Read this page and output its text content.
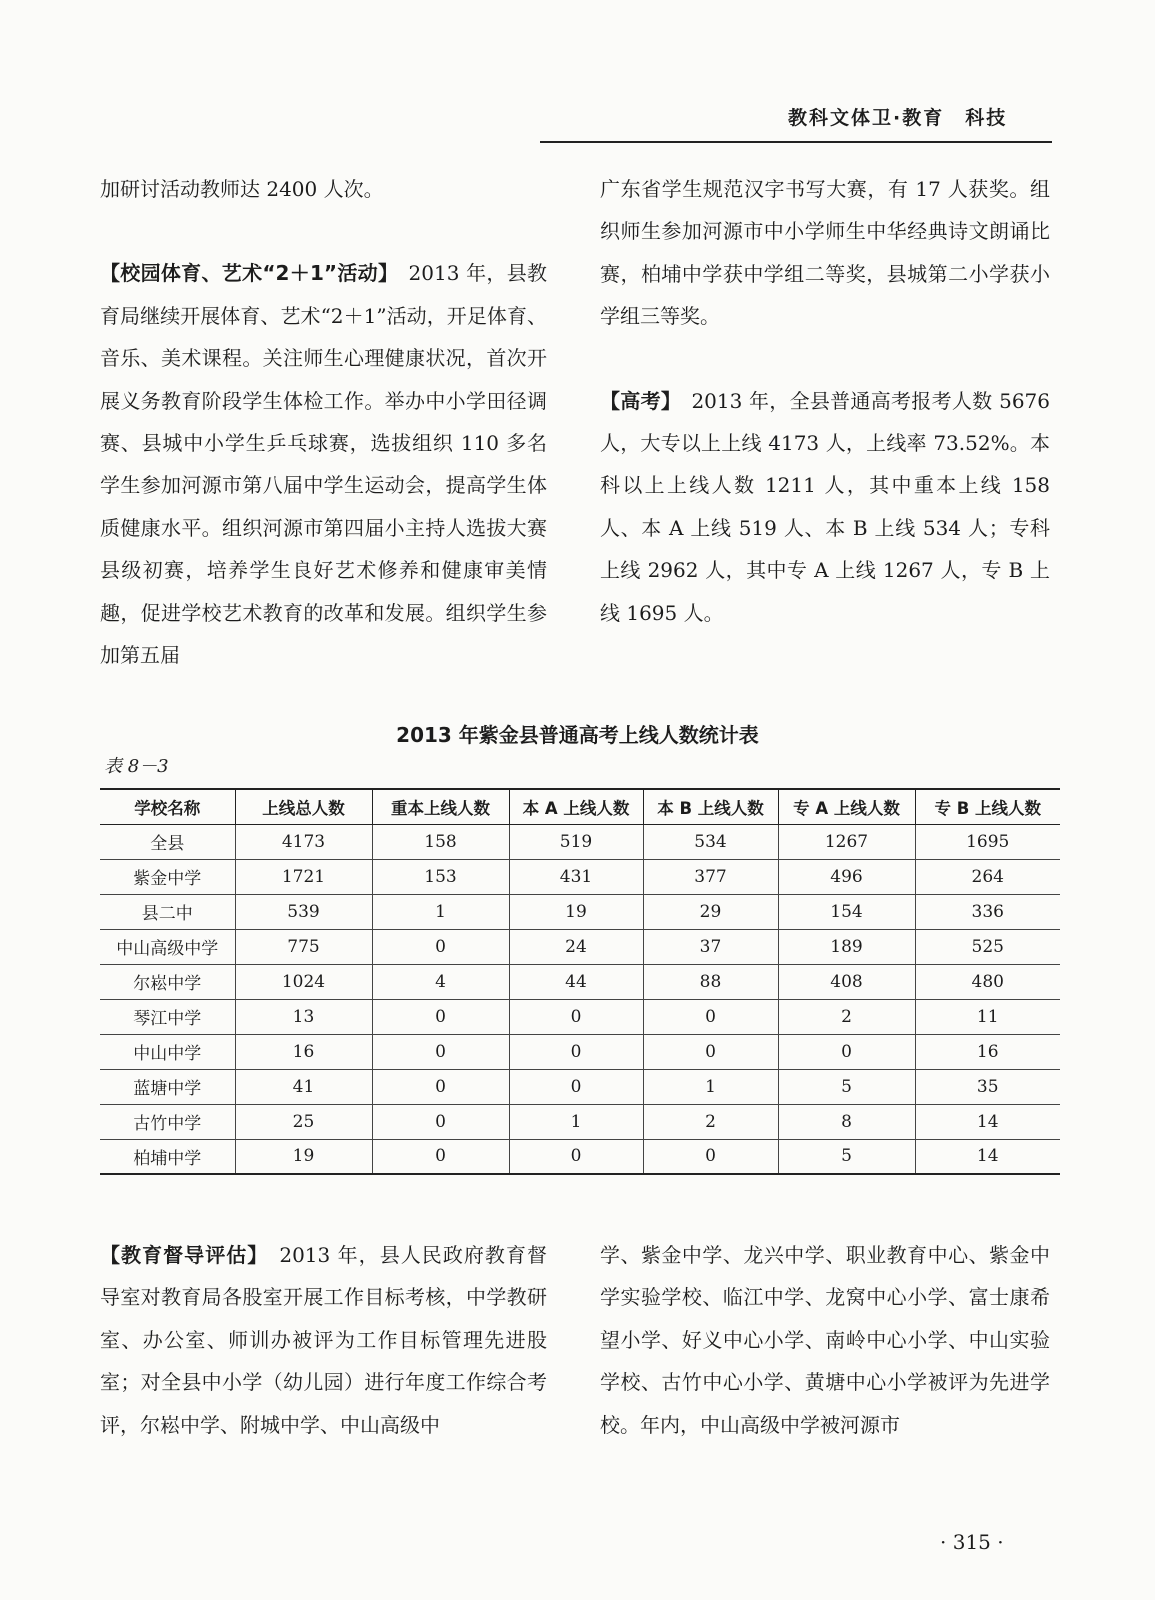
教科文体卫·教育　科技

加研讨活动教师达 2400 人次。

【校园体育、艺术“2＋1”活动】　2013 年，县教育局继续开展体育、艺术“2＋1”活动，开足体育、音乐、美术课程。关注师生心理健康状况，首次开展义务教育阶段学生体检工作。举办中小学田径调赛、县城中小学生乒乓球赛，选拔组织 110 多名学生参加河源市第八届中学生运动会，提高学生体质健康水平。组织河源市第四届小主持人选拔大赛县级初赛，培养学生良好艺术修养和健康审美情趣，促进学校艺术教育的改革和发展。组织学生参加第五届

广东省学生规范汉字书写大赛，有 17 人获奖。组织师生参加河源市中小学师生中华经典诗文朗诵比赛，柏埔中学获中学组二等奖，县城第二小学获小学组三等奖。

【高考】　2013 年，全县普通高考报考人数 5676 人，大专以上上线 4173 人，上线率 73.52%。本科以上上线人数 1211 人，其中重本上线 158 人、本 A 上线 519 人、本 B 上线 534 人；专科上线 2962 人，其中专 A 上线 1267 人，专 B 上线 1695 人。

2013 年紫金县普通高考上线人数统计表
表 8－3
学校名称	上线总人数	重本上线人数	本 A 上线人数	本 B 上线人数	专 A 上线人数	专 B 上线人数
全县	4173	158	519	534	1267	1695
紫金中学	1721	153	431	377	496	264
县二中	539	1	19	29	154	336
中山高级中学	775	0	24	37	189	525
尔崧中学	1024	4	44	88	408	480
琴江中学	13	0	0	0	2	11
中山中学	16	0	0	0	0	16
蓝塘中学	41	0	0	1	5	35
古竹中学	25	0	1	2	8	14
柏埔中学	19	0	0	0	5	14

【教育督导评估】　2013 年，县人民政府教育督导室对教育局各股室开展工作目标考核，中学教研室、办公室、师训办被评为工作目标管理先进股室；对全县中小学（幼儿园）进行年度工作综合考评，尔崧中学、附城中学、中山高级中

学、紫金中学、龙兴中学、职业教育中心、紫金中学实验学校、临江中学、龙窝中心小学、富士康希望小学、好义中心小学、南岭中心小学、中山实验学校、古竹中心小学、黄塘中心小学被评为先进学校。年内，中山高级中学被河源市

· 315 ·
